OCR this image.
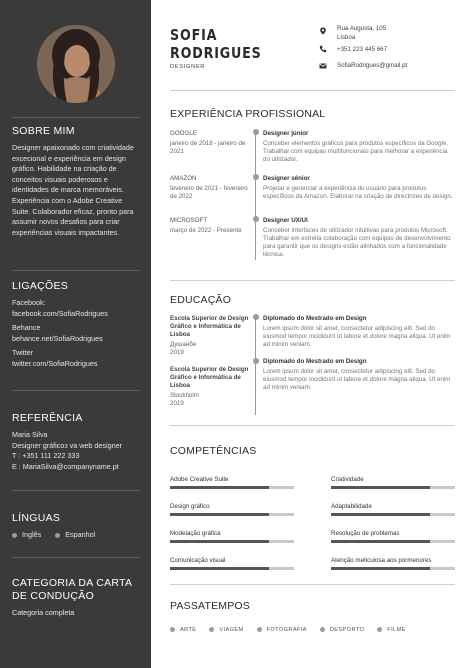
SOBRE MIM
Designer apaixonado com criatividade excecional e experiência em design gráfico. Habilidade na criação de conceitos visuais poderosos e identidades de marca memoráveis. Experiência com o Adobe Creative Suite. Colaborador eficaz, pronto para assumir novos desafios para criar experiências visuais impactantes.
LIGAÇÕES
Facebook:
facebook.com/SofiaRodrigues
Behance
behance.net/SofiaRodrigues
Twitter
twitter.com/SofiaRodrigues
REFERÊNCIA
Maria Silva
Designer gráficoз va web designer
T : +351 111 222 333
E : MariaSilva@companyname.pt
LÍNGUAS
Inglês	Espanhol
CATEGORIA DA CARTA DE CONDUÇÃO
Categoria completa
SOFIA
RODRIGUES
DESIGNER
Rua Augusta, 105
Lisboa
+351 223 445 667
SofiaRodrigues@gmail.pt
EXPERIÊNCIA PROFISSIONAL
GOOGLE
janeiro de 2018 - janeiro de 2021
Designer júnior
Conceber elementos gráficos para produtos específicos da Google. Trabalhar com equipas multifuncionais para melhorar a experiência do utilizador.
AMAZON
fevereiro de 2021 - fevereiro de 2022
Designer sênior
Projetar e gerenciar a experiência do usuário para produtos específicos da Amazon. Elaborar na criação de directrizes de design.
MICROSOFT
março de 2022 - Presente
Designer UX/UI
Conceber interfaces de utilizador intuitivas para produtos Microsoft. Trabalhar em estreita colaboração com equipas de desenvolvimento para garantir que os designs estão alinhados com a funcionalidade técnica.
EDUCAÇÃO
Escola Superior de Design Gráfico e Informática de Lisboa
Душанбе
2019
Diplomado do Mestrado em Design
Lorem ipsum dolor sit amet, consectetur adipiscing elit. Sed do eiusmod tempor incididunt ut labore et dolore magna aliqua. Ut enim ad minim veniam.
Escola Superior de Design Gráfico e Informática de Lisboa
Stockholm
2019
Diplomado do Mestrado em Design
Lorem ipsum dolor sit amet, consectetur adipiscing elit. Sed do eiusmod tempor incididunt ut labore et dolore magna aliqua. Ut enim ad minim veniam.
COMPETÊNCIAS
Adobe Creative Suite	Criatividade
Design gráfico	Adaptabilidade
Modelação gráfica	Resolução de problemas
Comunicação visual	Atenção meticulosa aos pormenores
PASSATEMPOS
ARTE	VIAGEM	FOTOGRAFIA	DESPORTO	FILME
